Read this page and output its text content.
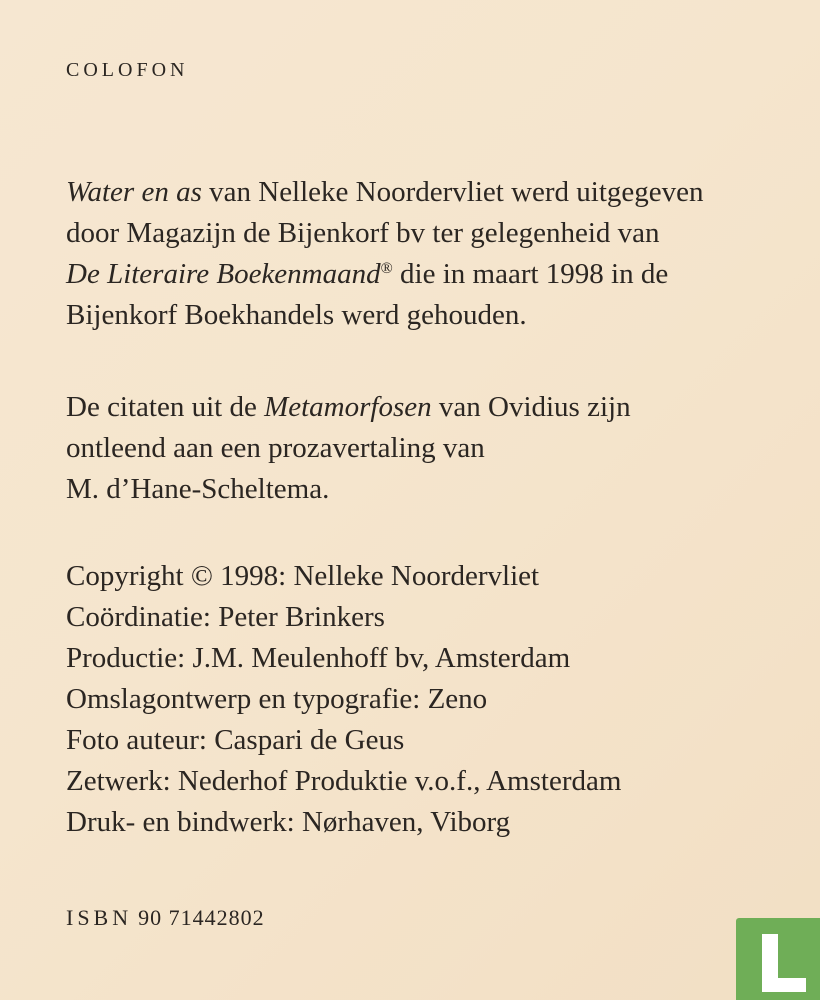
COLOFON

Water en as van Nelleke Noordervliet werd uitgegeven

door Magazijn de Bijenkorf bv ter gelegenheid van

De Literaire Boekenmaand® die in maart 1998 in de

Bijenkorf Boekhandels werd gehouden.

De citaten uit de Metamorfosen van Ovidius zijn

ontleend aan een prozavertaling van

M. d’Hane-Scheltema.

Copyright © 1998: Nelleke Noordervliet

Coördinatie: Peter Brinkers

Productie: J.M. Meulenhoff bv, Amsterdam

Omslagontwerp en typografie: Zeno

Foto auteur: Caspari de Geus

Zetwerk: Nederhof Produktie v.o.f., Amsterdam

Druk- en bindwerk: Nørhaven, Viborg

ISBN 90 71442802
